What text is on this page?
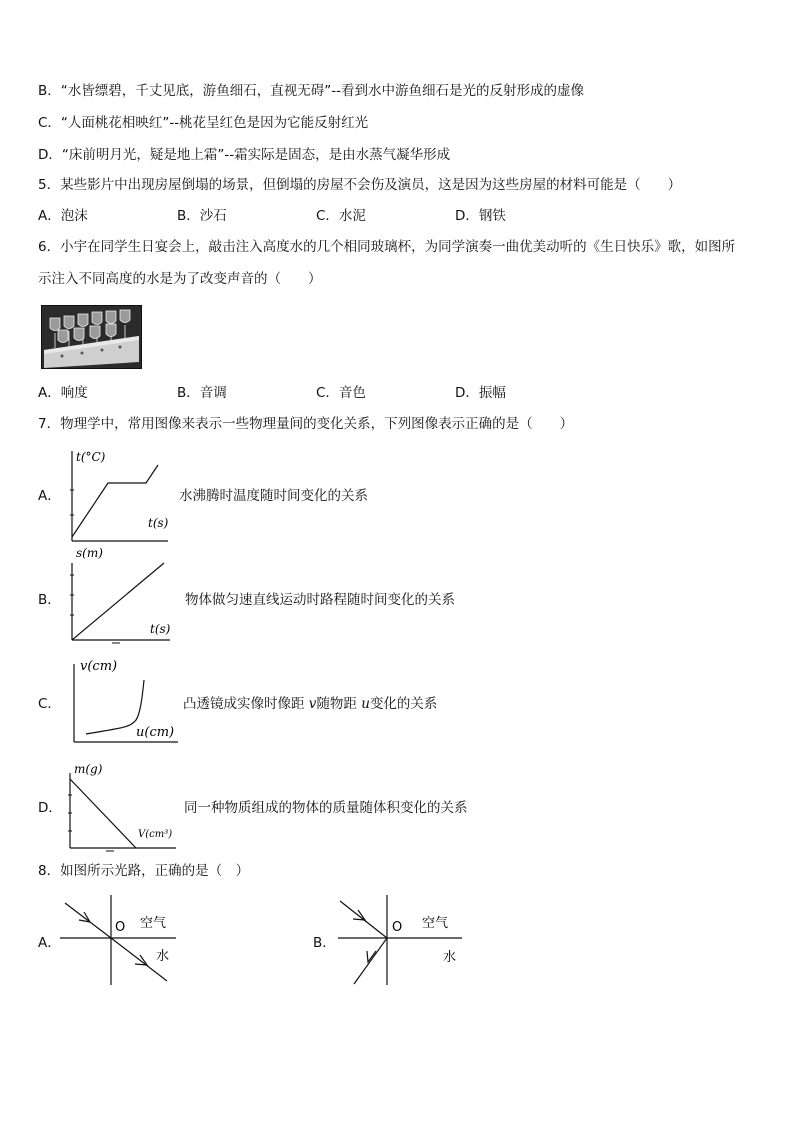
B．“水皆缥碧，千丈见底，游鱼细石，直视无碍”--看到水中游鱼细石是光的反射形成的虚像
C．“人面桃花相映红”--桃花呈红色是因为它能反射红光
D．“床前明月光，疑是地上霜”--霜实际是固态，是由水蒸气凝华形成
5．某些影片中出现房屋倒塌的场景，但倒塌的房屋不会伤及演员，这是因为这些房屋的材料可能是（　　）
A．泡沫	B．沙石	C．水泥	D．钢铁
6．小宇在同学生日宴会上，敲击注入高度水的几个相同玻璃杯，为同学演奏一曲优美动听的《生日快乐》歌，如图所
示注入不同高度的水是为了改变声音的（　　）
A．响度	B．音调	C．音色	D．振幅
7．物理学中，常用图像来表示一些物理量间的变化关系，下列图像表示正确的是（　　）
A．
t(°C)
t(s)
水沸腾时温度随时间变化的关系
B．
s(m)
t(s)
物体做匀速直线运动时路程随时间变化的关系
C．
v(cm)
u(cm)
凸透镜成实像时像距 v随物距 u变化的关系
D．
m(g)
V(cm³)
同一种物质组成的物体的质量随体积变化的关系
8．如图所示光路，正确的是（　）
A．
O 空气
水
B．
O 空气
水
